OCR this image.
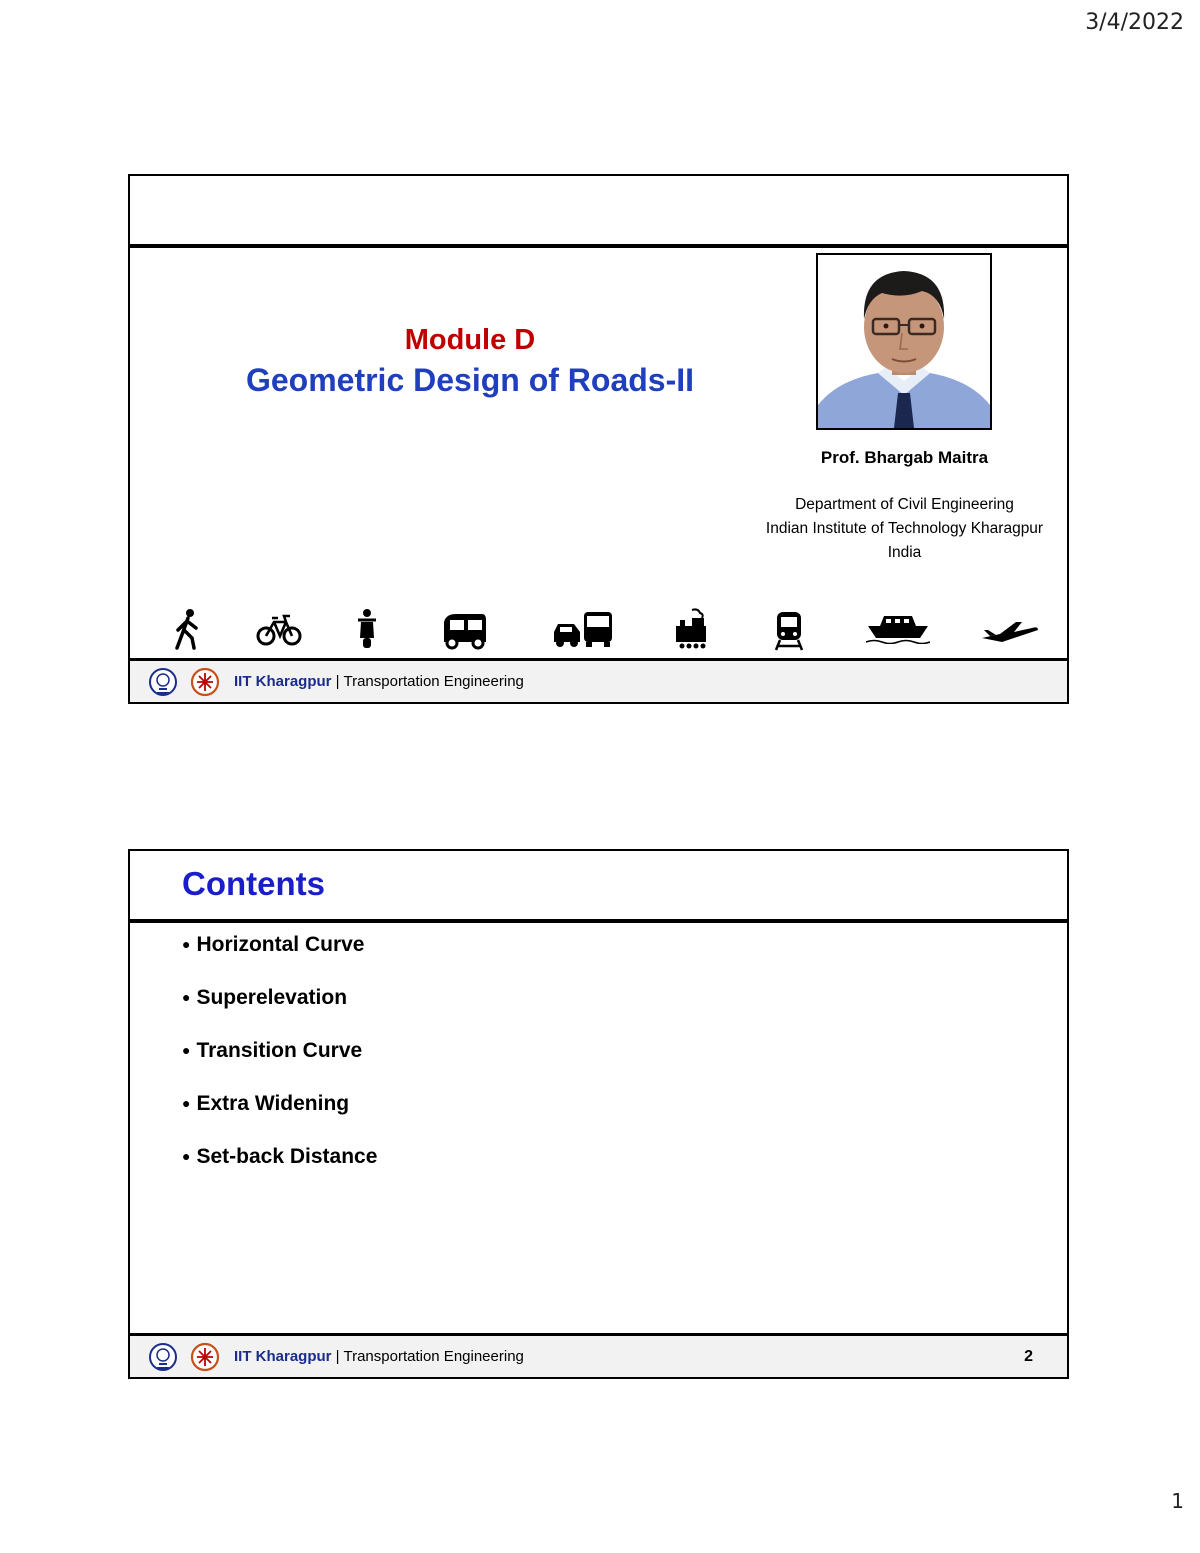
3/4/2022
Module D
Geometric Design of Roads-II
Prof. Bhargab Maitra
Department of Civil Engineering
Indian Institute of Technology Kharagpur
India
IIT Kharagpur | Transportation Engineering
Contents
● Horizontal Curve
● Superelevation
● Transition Curve
● Extra Widening
● Set-back Distance
IIT Kharagpur | Transportation Engineering	2
1
